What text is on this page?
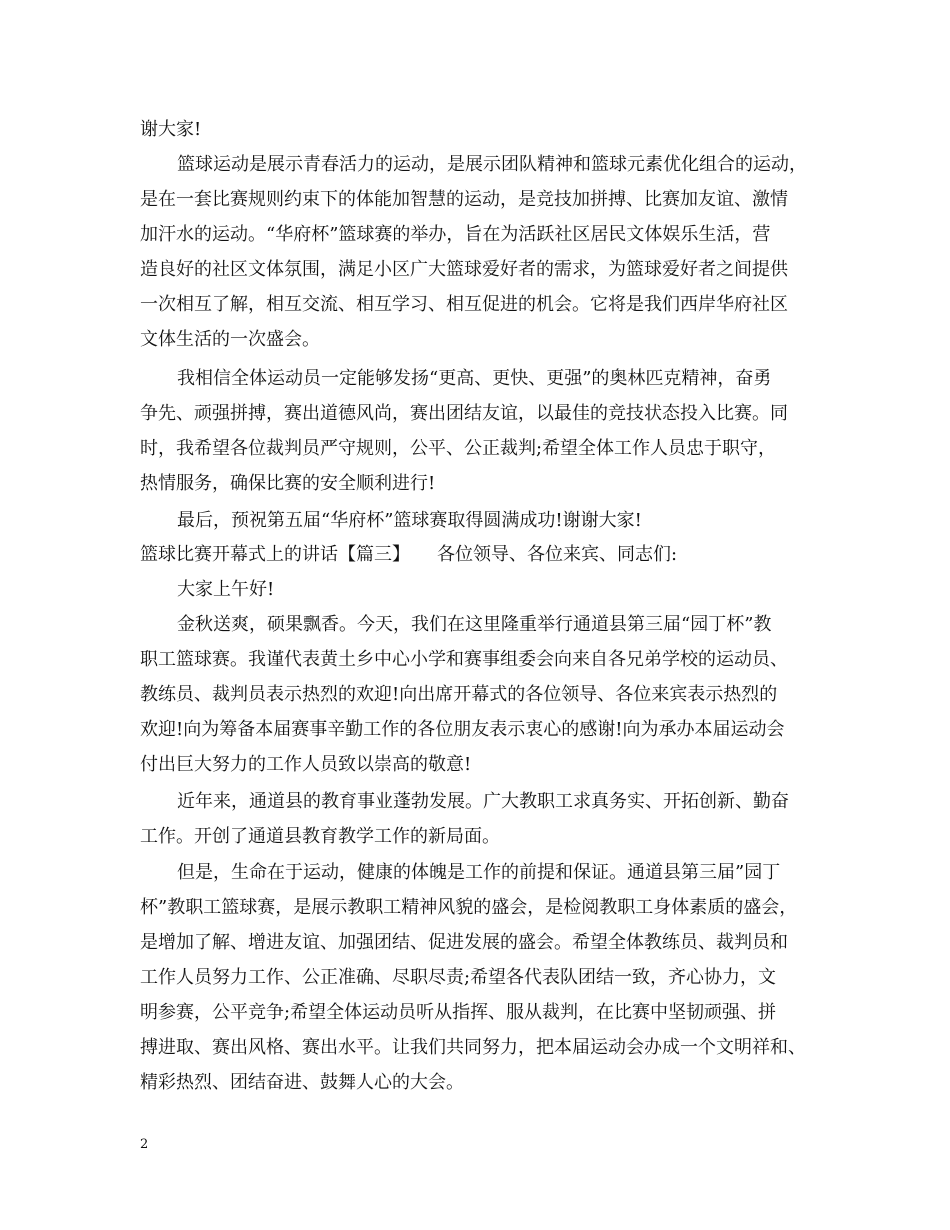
谢大家!
篮球运动是展示青春活力的运动，是展示团队精神和篮球元素优化组合的运动，
是在一套比赛规则约束下的体能加智慧的运动，是竞技加拼搏、比赛加友谊、激情
加汗水的运动。“华府杯”篮球赛的举办，旨在为活跃社区居民文体娱乐生活，营
造良好的社区文体氛围，满足小区广大篮球爱好者的需求，为篮球爱好者之间提供
一次相互了解，相互交流、相互学习、相互促进的机会。它将是我们西岸华府社区
文体生活的一次盛会。
我相信全体运动员一定能够发扬“更高、更快、更强”的奥林匹克精神，奋勇
争先、顽强拼搏，赛出道德风尚，赛出团结友谊，以最佳的竞技状态投入比赛。同
时，我希望各位裁判员严守规则，公平、公正裁判;希望全体工作人员忠于职守，
热情服务，确保比赛的安全顺利进行!
最后，预祝第五届“华府杯”篮球赛取得圆满成功!谢谢大家!
篮球比赛开幕式上的讲话【篇三】　　各位领导、各位来宾、同志们:
大家上午好!
金秋送爽，硕果飘香。今天，我们在这里隆重举行通道县第三届“园丁杯”教
职工篮球赛。我谨代表黄土乡中心小学和赛事组委会向来自各兄弟学校的运动员、
教练员、裁判员表示热烈的欢迎!向出席开幕式的各位领导、各位来宾表示热烈的
欢迎!向为筹备本届赛事辛勤工作的各位朋友表示衷心的感谢!向为承办本届运动会
付出巨大努力的工作人员致以崇高的敬意!
近年来，通道县的教育事业蓬勃发展。广大教职工求真务实、开拓创新、勤奋
工作。开创了通道县教育教学工作的新局面。
但是，生命在于运动，健康的体魄是工作的前提和保证。通道县第三届”园丁
杯”教职工篮球赛，是展示教职工精神风貌的盛会，是检阅教职工身体素质的盛会，
是增加了解、增进友谊、加强团结、促进发展的盛会。希望全体教练员、裁判员和
工作人员努力工作、公正准确、尽职尽责;希望各代表队团结一致，齐心协力，文
明参赛，公平竞争;希望全体运动员听从指挥、服从裁判，在比赛中坚韧顽强、拼
搏进取、赛出风格、赛出水平。让我们共同努力，把本届运动会办成一个文明祥和、
精彩热烈、团结奋进、鼓舞人心的大会。
2
